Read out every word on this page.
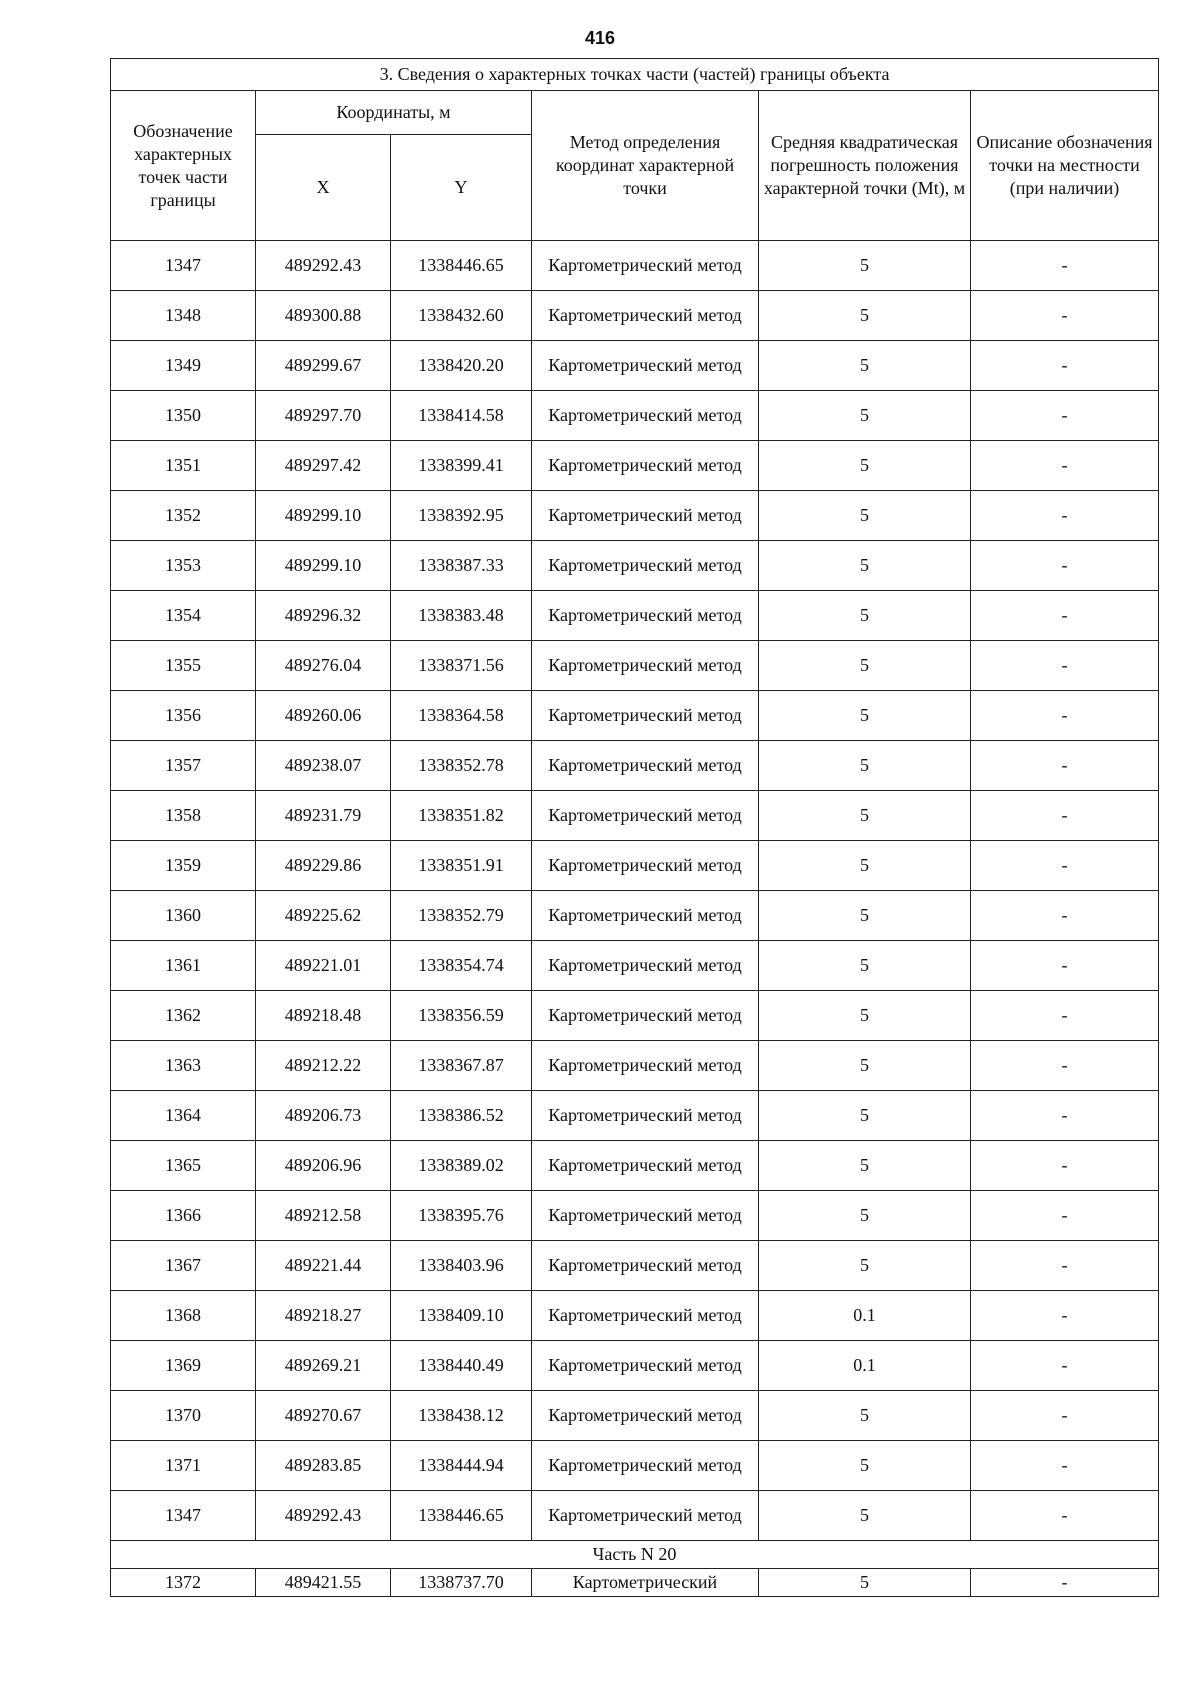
416
3. Сведения о характерных точках части (частей) границы объекта					
Обозначение характерных точек части границы	Координаты, м		Метод определения координат характерной точки	Средняя квадратическая погрешность положения характерной точки (Mt), м	Описание обозначения точки на местности (при наличии)
	X	Y			
1347	489292.43	1338446.65	Картометрический метод	5	-
1348	489300.88	1338432.60	Картометрический метод	5	-
1349	489299.67	1338420.20	Картометрический метод	5	-
1350	489297.70	1338414.58	Картометрический метод	5	-
1351	489297.42	1338399.41	Картометрический метод	5	-
1352	489299.10	1338392.95	Картометрический метод	5	-
1353	489299.10	1338387.33	Картометрический метод	5	-
1354	489296.32	1338383.48	Картометрический метод	5	-
1355	489276.04	1338371.56	Картометрический метод	5	-
1356	489260.06	1338364.58	Картометрический метод	5	-
1357	489238.07	1338352.78	Картометрический метод	5	-
1358	489231.79	1338351.82	Картометрический метод	5	-
1359	489229.86	1338351.91	Картометрический метод	5	-
1360	489225.62	1338352.79	Картометрический метод	5	-
1361	489221.01	1338354.74	Картометрический метод	5	-
1362	489218.48	1338356.59	Картометрический метод	5	-
1363	489212.22	1338367.87	Картометрический метод	5	-
1364	489206.73	1338386.52	Картометрический метод	5	-
1365	489206.96	1338389.02	Картометрический метод	5	-
1366	489212.58	1338395.76	Картометрический метод	5	-
1367	489221.44	1338403.96	Картометрический метод	5	-
1368	489218.27	1338409.10	Картометрический метод	0.1	-
1369	489269.21	1338440.49	Картометрический метод	0.1	-
1370	489270.67	1338438.12	Картометрический метод	5	-
1371	489283.85	1338444.94	Картометрический метод	5	-
1347	489292.43	1338446.65	Картометрический метод	5	-
Часть N 20					
1372	489421.55	1338737.70	Картометрический	5	-
